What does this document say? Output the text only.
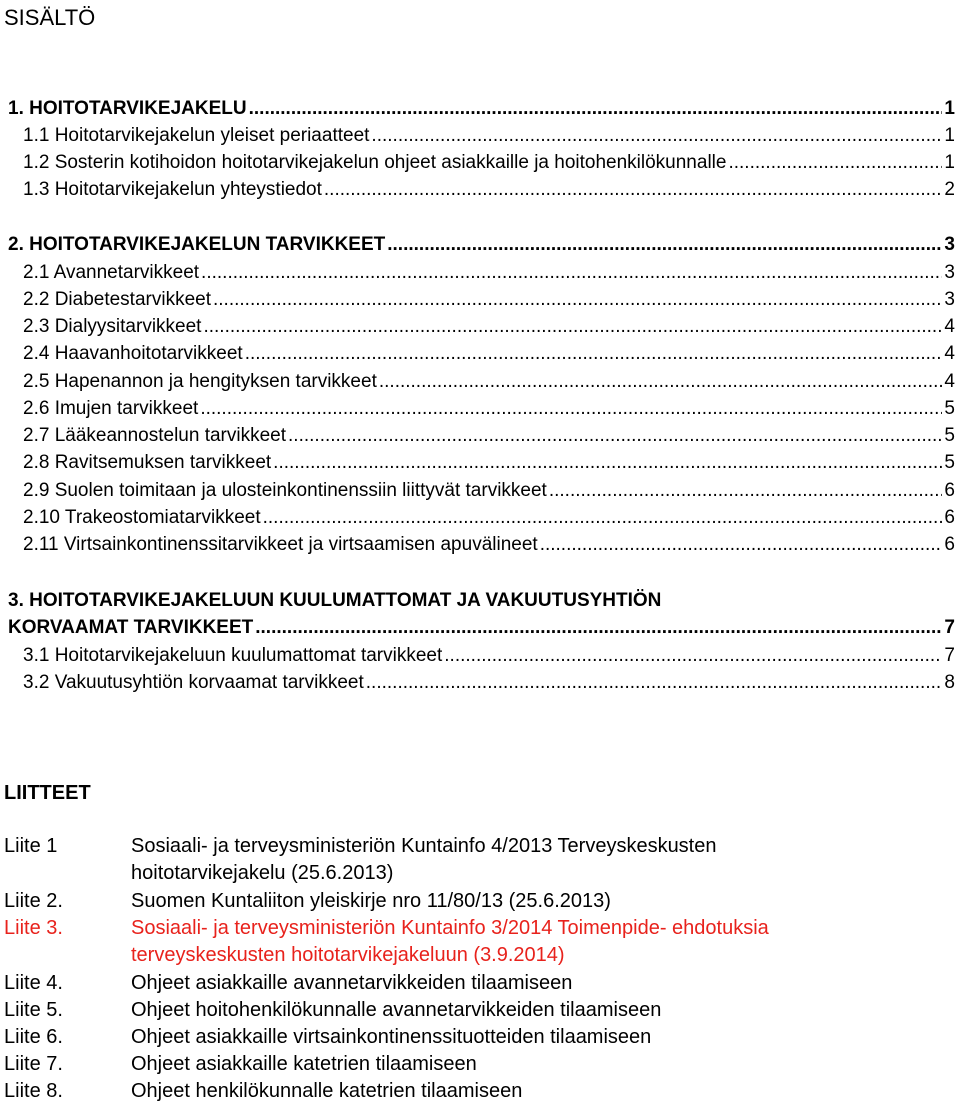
SISÄLTÖ
1. HOITOTARVIKEJAKELU .....	1
1.1 Hoitotarvikejakelun yleiset periaatteet .....	1
1.2 Sosterin kotihoidon hoitotarvikejakelun ohjeet asiakkaille ja hoitohenkilökunnalle .....	1
1.3 Hoitotarvikejakelun yhteystiedot .....	2
2. HOITOTARVIKEJAKELUN TARVIKKEET .....	3
2.1 Avannetarvikkeet .....	3
2.2 Diabetestarvikkeet .....	3
2.3 Dialyysitarvikkeet .....	4
2.4 Haavanhoitotarvikkeet .....	4
2.5 Hapenannon ja hengityksen tarvikkeet .....	4
2.6 Imujen tarvikkeet .....	5
2.7 Lääkeannostelun tarvikkeet .....	5
2.8 Ravitsemuksen tarvikkeet .....	5
2.9 Suolen toimitaan ja ulosteinkontinenssiin liittyvät tarvikkeet .....	6
2.10 Trakeostomiatarvikkeet .....	6
2.11 Virtsainkontinenssitarvikkeet ja virtsaamisen apuvälineet .....	6
3. HOITOTARVIKEJAKELUUN KUULUMATTOMAT JA VAKUUTUSYHTIÖN
KORVAAMAT TARVIKKEET .....	7
3.1 Hoitotarvikejakeluun kuulumattomat tarvikkeet .....	7
3.2 Vakuutusyhtiön korvaamat tarvikkeet .....	8
LIITTEET
Liite 1	Sosiaali- ja terveysministeriön Kuntainfo 4/2013 Terveyskeskusten
hoitotarvikejakelu (25.6.2013)
Liite 2.	Suomen Kuntaliiton yleiskirje nro 11/80/13 (25.6.2013)
Liite 3.	Sosiaali- ja terveysministeriön Kuntainfo 3/2014 Toimenpide- ehdotuksia
terveyskeskusten hoitotarvikejakeluun (3.9.2014)
Liite 4.	Ohjeet asiakkaille avannetarvikkeiden tilaamiseen
Liite 5.	Ohjeet hoitohenkilökunnalle avannetarvikkeiden tilaamiseen
Liite 6.	Ohjeet asiakkaille virtsainkontinenssituotteiden tilaamiseen
Liite 7.	Ohjeet asiakkaille katetrien tilaamiseen
Liite 8.	Ohjeet henkilökunnalle katetrien tilaamiseen
